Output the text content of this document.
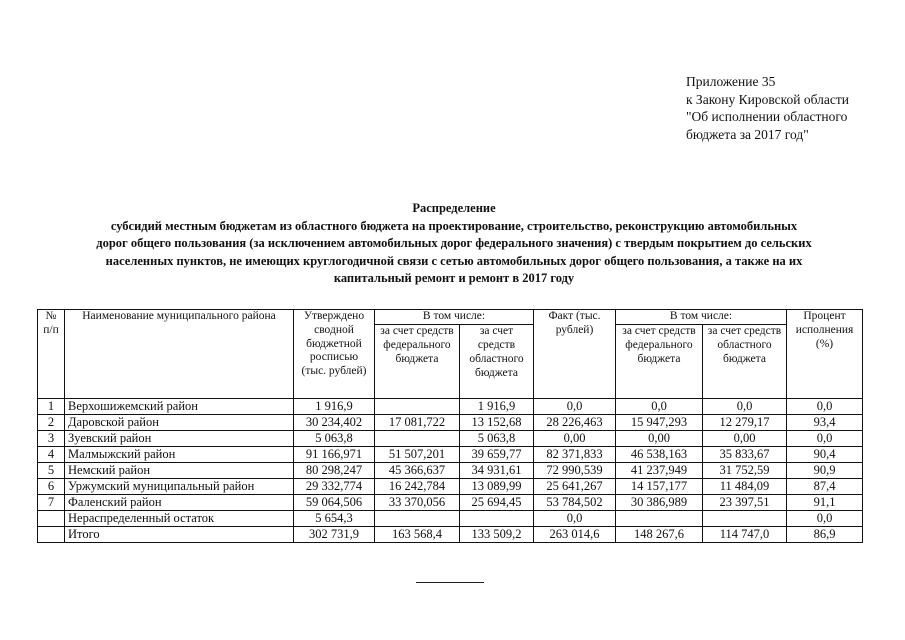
Приложение 35
к Закону Кировской области
"Об исполнении областного
бюджета за 2017 год"
Распределение
субсидий местным бюджетам из областного бюджета на проектирование, строительство, реконструкцию автомобильных
дорог общего пользования (за исключением автомобильных дорог федерального значения) с твердым покрытием до сельских
населенных пунктов, не имеющих круглогодичной связи с сетью автомобильных дорог общего пользования, а также на их
капитальный ремонт и ремонт в 2017 году
№ п/п	Наименование муниципального района	Утверждено сводной бюджетной росписью (тыс. рублей)	В том числе:		Факт (тыс. рублей)	В том числе:		Процент исполнения (%)
			за счет средств федерального бюджета	за счет средств областного бюджета		за счет средств федерального бюджета	за счет средств областного бюджета	
1	Верхошижемский район	1 916,9		1 916,9	0,0	0,0	0,0	0,0
2	Даровской район	30 234,402	17 081,722	13 152,68	28 226,463	15 947,293	12 279,17	93,4
3	Зуевский район	5 063,8		5 063,8	0,00	0,00	0,00	0,0
4	Малмыжский район	91 166,971	51 507,201	39 659,77	82 371,833	46 538,163	35 833,67	90,4
5	Немский район	80 298,247	45 366,637	34 931,61	72 990,539	41 237,949	31 752,59	90,9
6	Уржумский муниципальный район	29 332,774	16 242,784	13 089,99	25 641,267	14 157,177	11 484,09	87,4
7	Фаленский район	59 064,506	33 370,056	25 694,45	53 784,502	30 386,989	23 397,51	91,1
	Нераспределенный остаток	5 654,3			0,0			0,0
	Итого	302 731,9	163 568,4	133 509,2	263 014,6	148 267,6	114 747,0	86,9
